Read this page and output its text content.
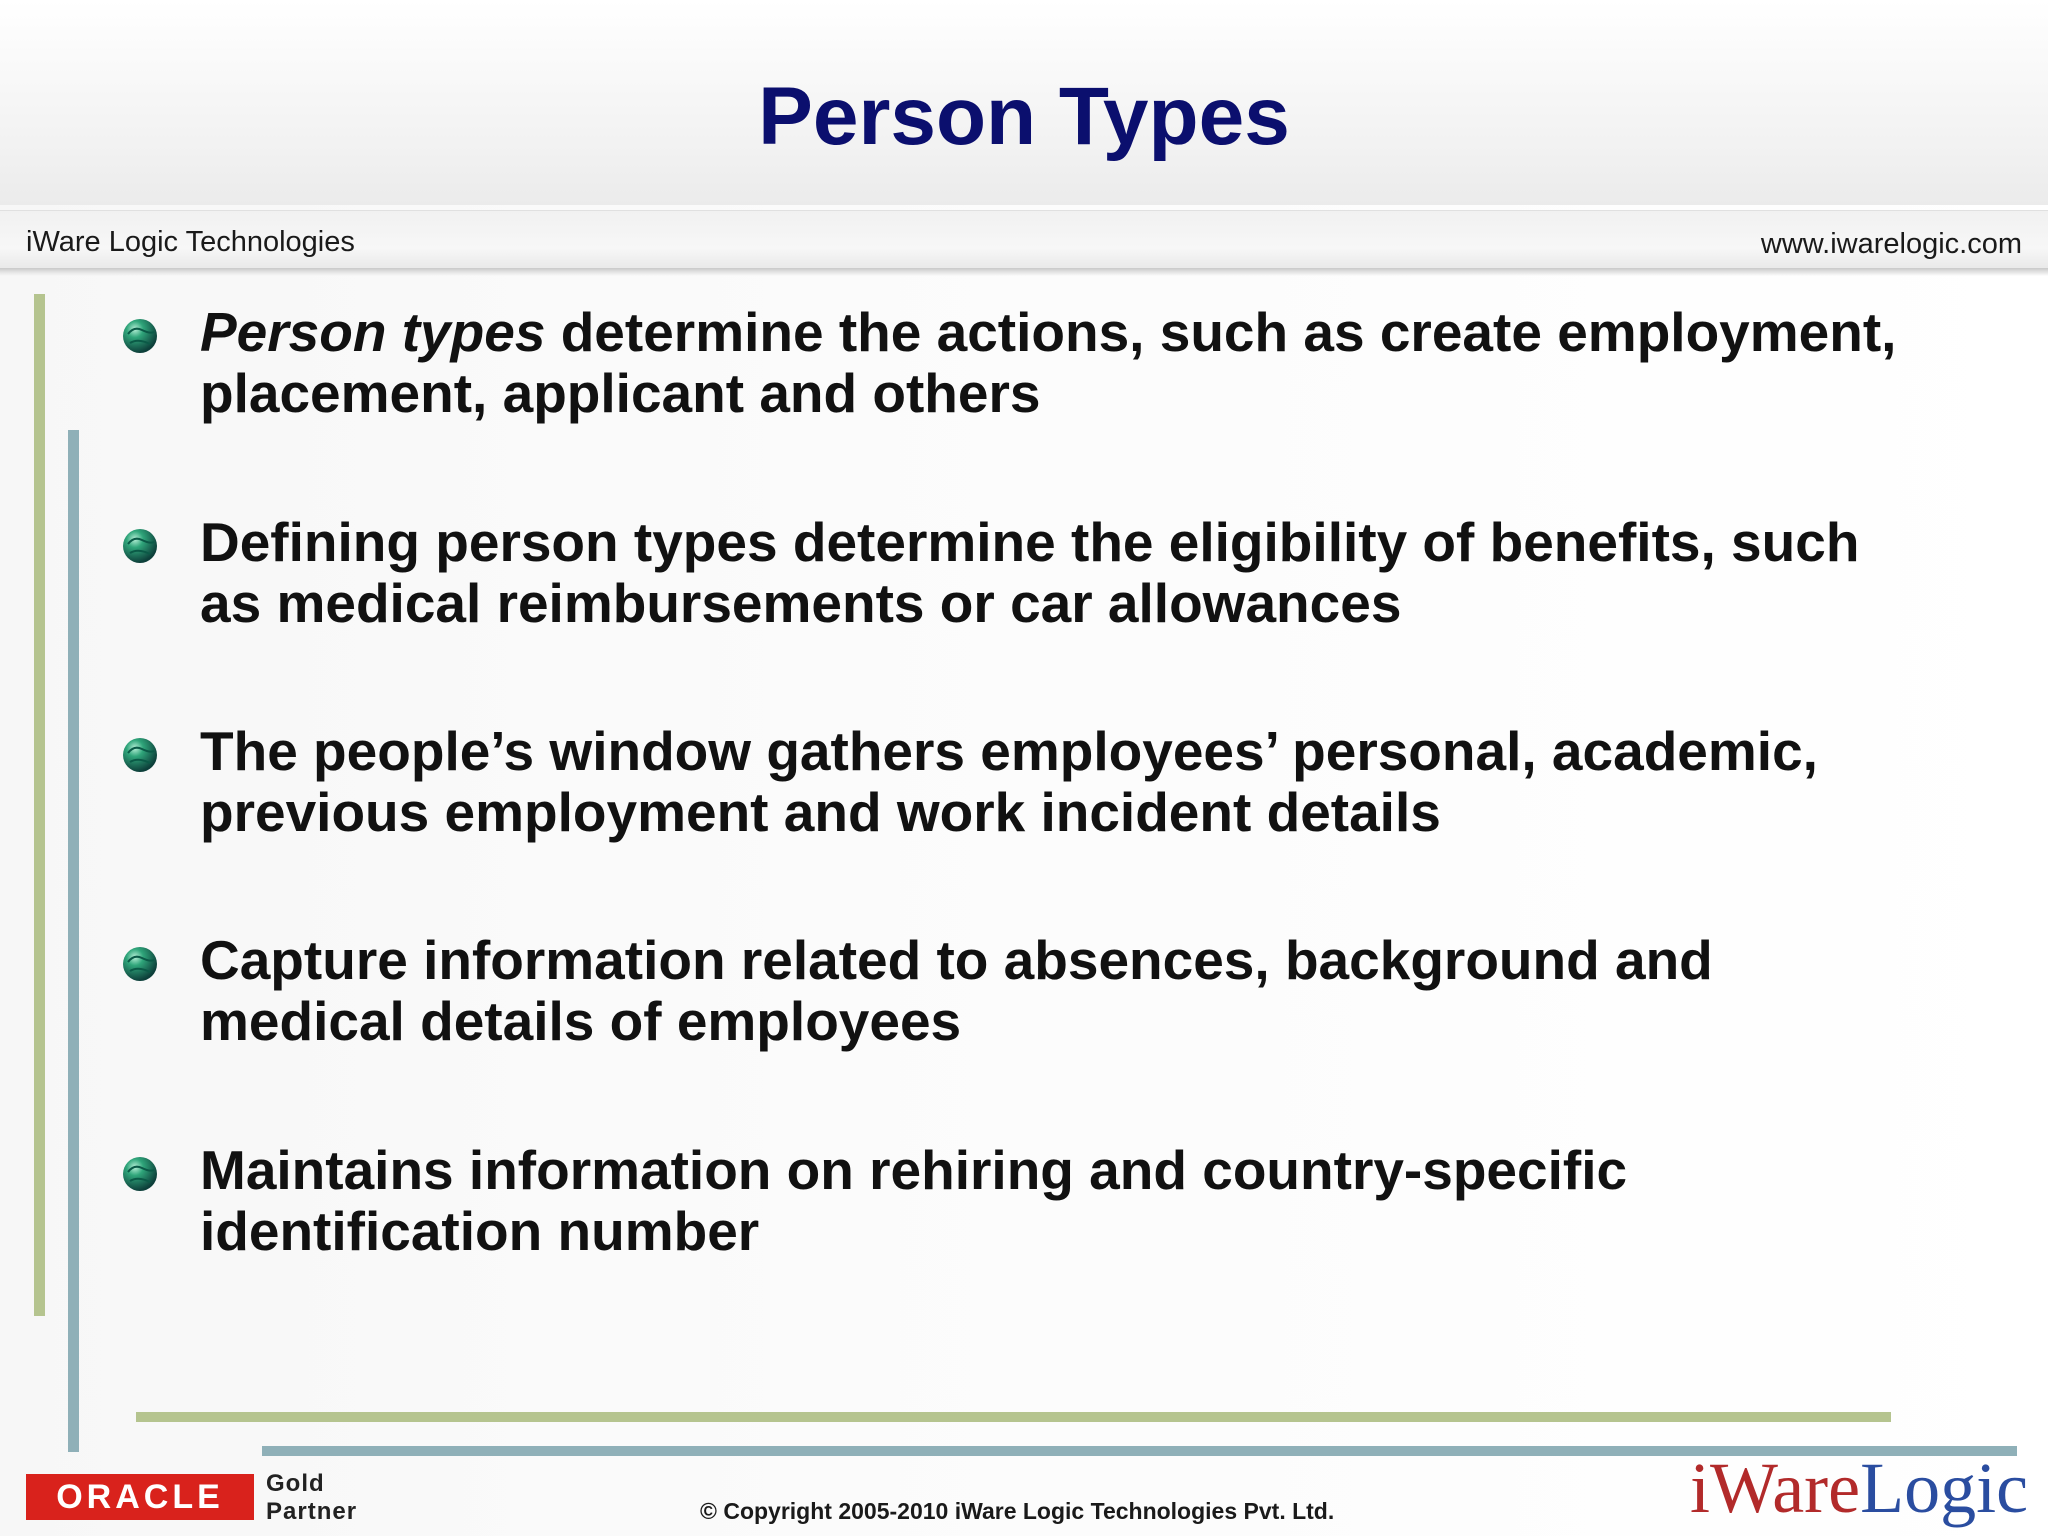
Person Types
iWare Logic Technologies	www.iwarelogic.com
Person types determine the actions, such as create employment, placement, applicant and others
Defining person types determine the eligibility of benefits, such as medical reimbursements or car allowances
The people’s window gathers employees’ personal, academic, previous employment and work incident details
Capture information related to absences, background and medical details of employees
Maintains information on rehiring and country-specific identification number
ORACLE	Gold
Partner	© Copyright 2005-2010 iWare Logic Technologies Pvt. Ltd.	iWareLogic
